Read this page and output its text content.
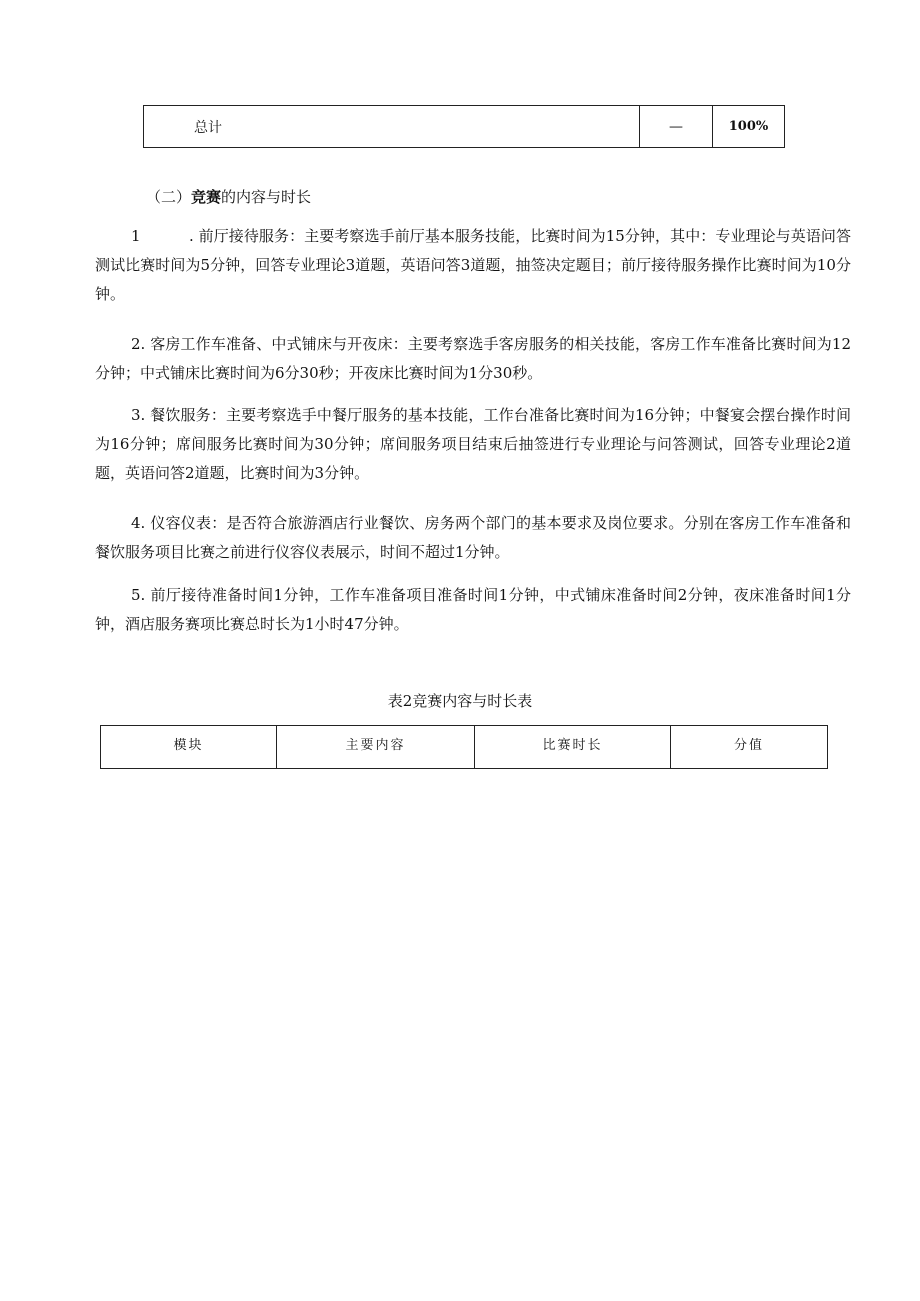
总计	—	100%
（二）竞赛的内容与时长

1	. 前厅接待服务：主要考察选手前厅基本服务技能，比赛时间为15分钟，其中：专业理论与英语问答测试比赛时间为5分钟，回答专业理论3道题，英语问答3道题，抽签决定题目；前厅接待服务操作比赛时间为10分钟。

2. 客房工作车准备、中式铺床与开夜床：主要考察选手客房服务的相关技能，客房工作车准备比赛时间为12分钟；中式铺床比赛时间为6分30秒；开夜床比赛时间为1分30秒。

3. 餐饮服务：主要考察选手中餐厅服务的基本技能，工作台准备比赛时间为16分钟；中餐宴会摆台操作时间为16分钟；席间服务比赛时间为30分钟；席间服务项目结束后抽签进行专业理论与问答测试，回答专业理论2道题，英语问答2道题，比赛时间为3分钟。

4. 仪容仪表：是否符合旅游酒店行业餐饮、房务两个部门的基本要求及岗位要求。分别在客房工作车准备和餐饮服务项目比赛之前进行仪容仪表展示，时间不超过1分钟。

5. 前厅接待准备时间1分钟，工作车准备项目准备时间1分钟，中式铺床准备时间2分钟，夜床准备时间1分钟，酒店服务赛项比赛总时长为1小时47分钟。

表2竞赛内容与时长表
模块	主要内容	比赛时长	分值
